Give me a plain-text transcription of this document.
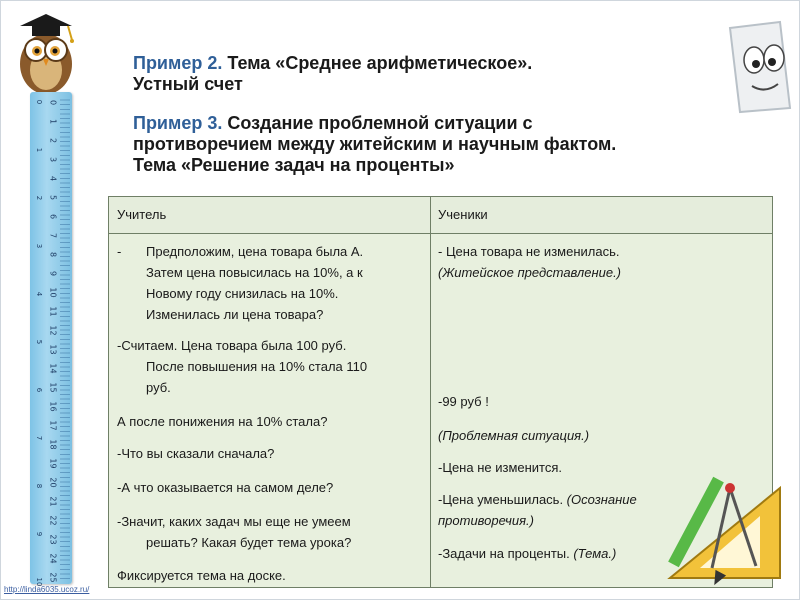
0
1
2
3
4
5
6
7
8
9
10
11
12
13
14
15
16
17
18
19
20
21
22
23
24
25
0
1
2
3
4
5
6
7
8
9
10
Пример 2. Тема «Среднее арифметическое».
Устный счет
Пример 3. Создание проблемной ситуации с
противоречием между житейским и научным фактом.
Тема «Решение задач на проценты»
Учитель	Ученики
- Предположим, цена товара была А.
Затем цена повысилась на 10%, а к
Новому году снизилась на 10%.
Изменилась ли цена товара?
-Считаем. Цена товара была 100 руб.
После повышения на 10% стала 110
руб.
А после понижения на 10% стала?
-Что вы сказали сначала?
-А что оказывается на самом деле?
-Значит, каких задач мы еще не умеем
решать? Какая будет тема урока?
Фиксируется тема на доске.
- Цена товара не изменилась.
(Житейское представление.)
-99 руб !
(Проблемная ситуация.)
-Цена не изменится.
-Цена уменьшилась. (Осознание
противоречия.)
-Задачи на проценты. (Тема.)
http://linda6035.ucoz.ru/
